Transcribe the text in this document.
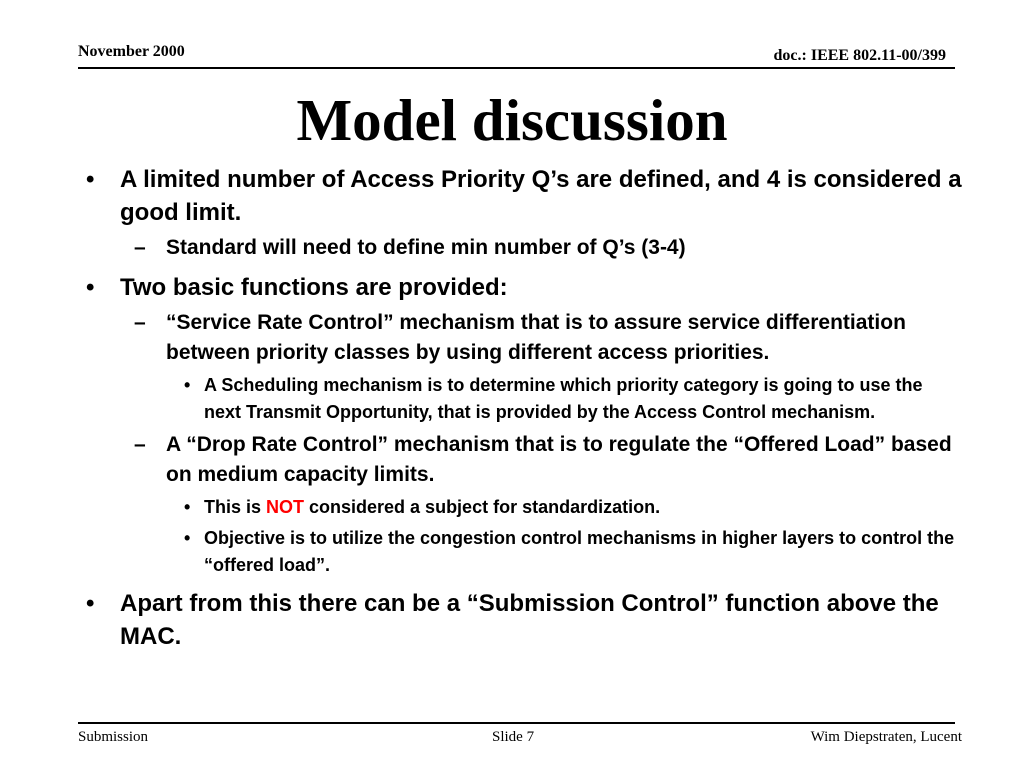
November 2000	doc.: IEEE 802.11-00/399
Model discussion
• A limited number of Access Priority Q’s are defined, and 4 is considered a good limit.
– Standard will need to define min number of Q’s (3-4)
• Two basic functions are provided:
– “Service Rate Control” mechanism that is to assure service differentiation between priority classes by using different access priorities.
• A Scheduling mechanism is to determine which priority category is going to use the next Transmit Opportunity, that is provided by the Access Control mechanism.
– A “Drop Rate Control” mechanism that is to regulate the “Offered Load” based on medium capacity limits.
• This is NOT considered a subject for standardization.
• Objective is to utilize the congestion control mechanisms in higher layers to control the “offered load”.
• Apart from this there can be a “Submission Control” function above the MAC.
Submission	Slide 7	Wim Diepstraten, Lucent
